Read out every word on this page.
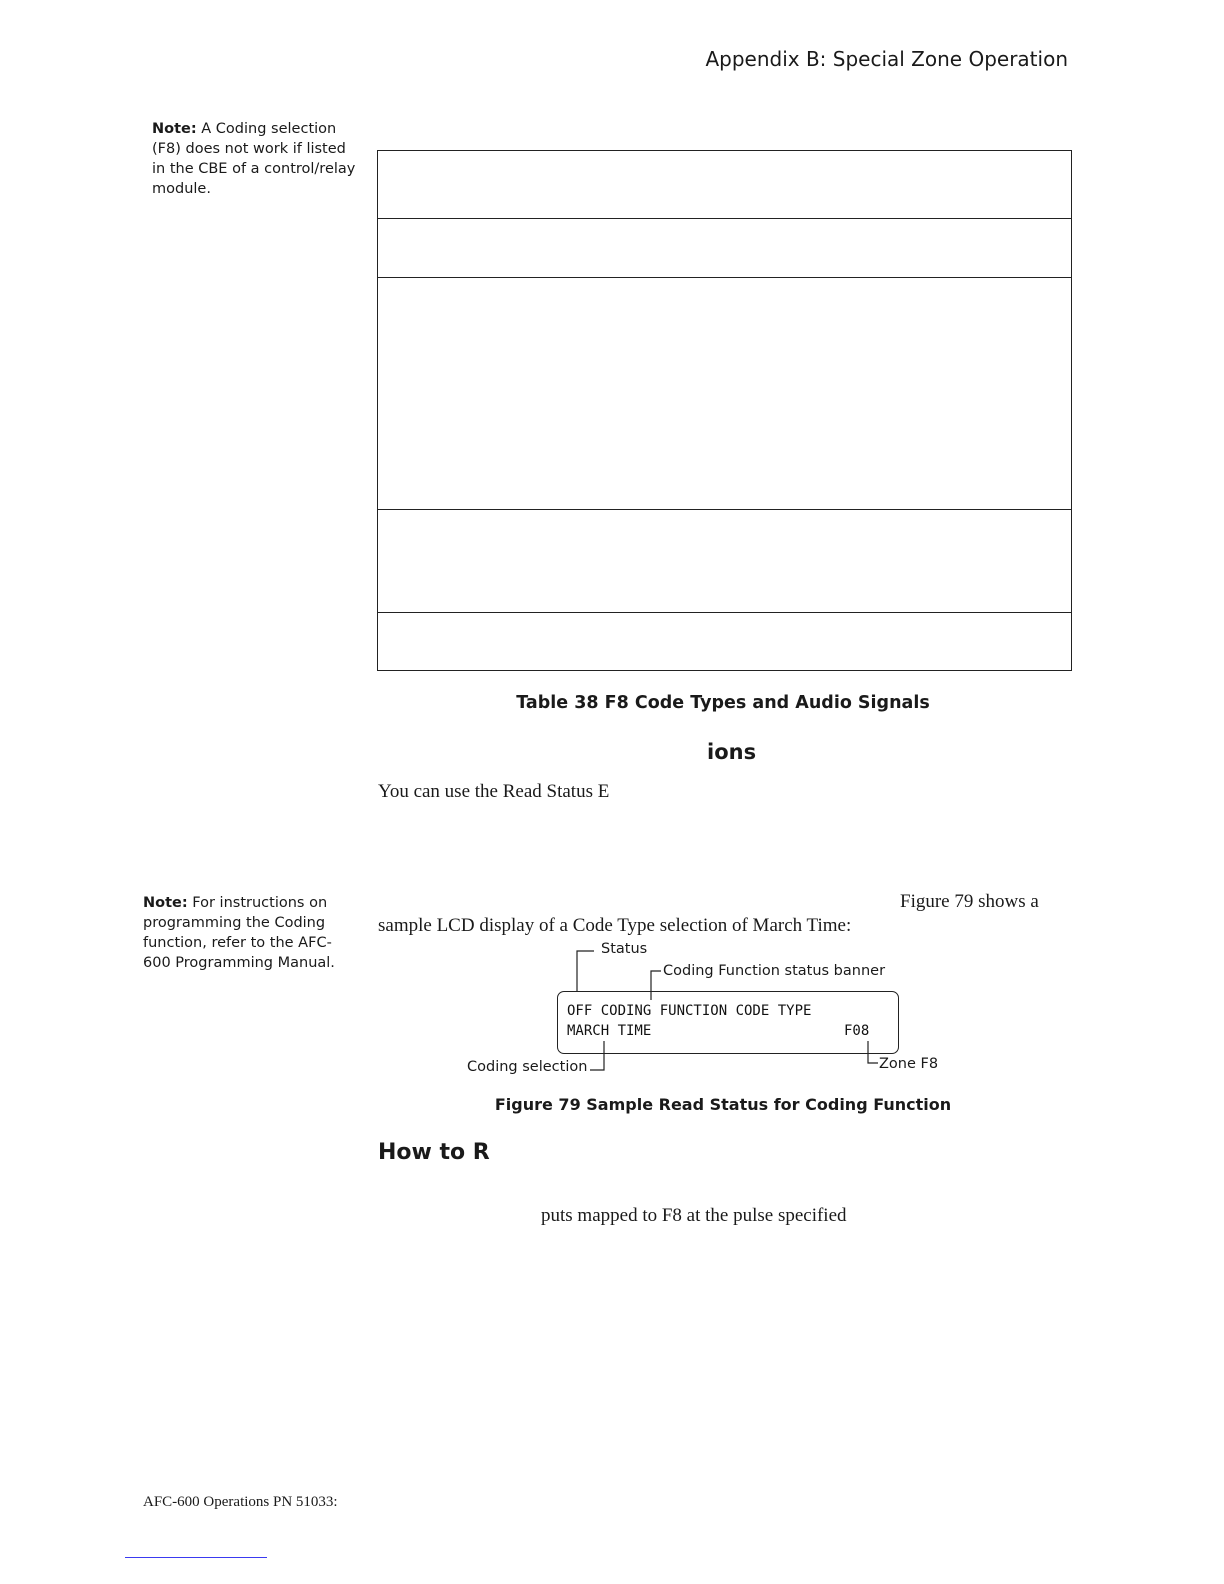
Appendix B: Special Zone Operation
Note: A Coding selection (F8) does not work if listed in the CBE of a control/relay module.
Table 38 F8 Code Types and Audio Signals
ions
You can use the Read Status E
Note: For instructions on programming the Coding function, refer to the AFC-600 Programming Manual.
Figure 79 shows a
sample LCD display of a Code Type selection of March Time:
Status
Coding Function status banner
Coding selection	Zone F8
OFF CODING FUNCTION CODE TYPE
MARCH TIME	F08
Figure 79 Sample Read Status for Coding Function
How to R
puts mapped to F8 at the pulse specified
AFC-600 Operations PN 51033:
